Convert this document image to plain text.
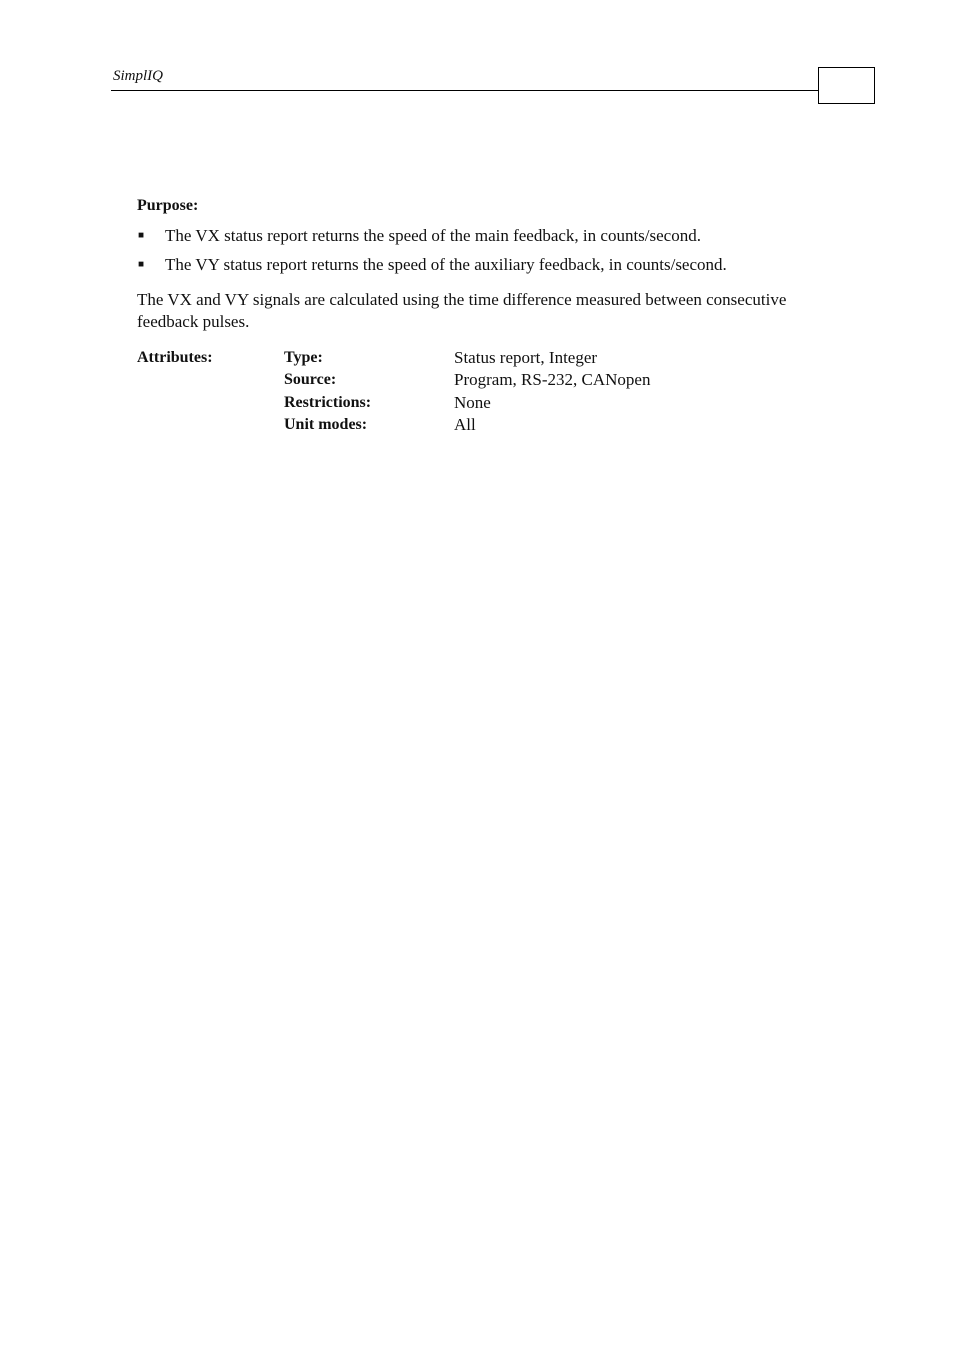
SimplIQ
Purpose:
■ The VX status report returns the speed of the main feedback, in counts/second.
■ The VY status report returns the speed of the auxiliary feedback, in counts/second.

The VX and VY signals are calculated using the time difference measured between consecutive feedback pulses.

Attributes:	Type:	Status report, Integer
Source:	Program, RS-232, CANopen
Restrictions:	None
Unit modes:	All
